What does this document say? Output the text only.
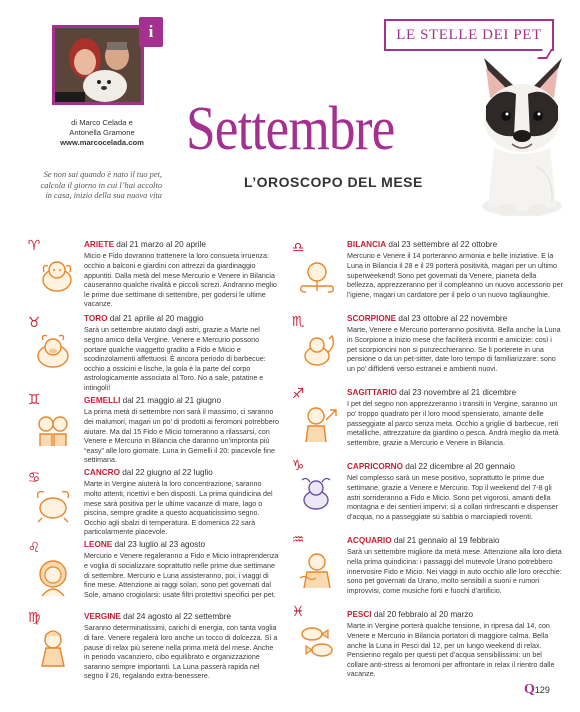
LE STELLE DEI PET
i
di Marco Celada e
Antonella Gramone
www.marcocelada.com
Se non sai quando è nato il tuo pet, calcola il giorno in cui l’hai accolto in casa, inizio della sua nuova vita
Settembre
L’OROSCOPO DEL MESE
♈
♉
♊
♋
♌
♍
♎
♏
♐
♑
♒
♓
ARIETE dal 21 marzo al 20 aprile
Micio e Fido dovranno trattenere la loro consueta irruenza: occhio a balconi e giardini con attrezzi da giardinaggio appuntiti. Dalla metà del mese Mercurio e Venere in Bilancia causeranno qualche rivalità e piccoli screzi. Andranno meglio le prime due settimane di settembre, per godersi le ultime vacanze.
TORO dal 21 aprile al 20 maggio
Sarà un settembre aiutato dagli astri, grazie a Marte nel segno amico della Vergine. Venere e Mercurio possono portare qualche viaggetto gradito a Fido e Micio e scodinzolamenti affettuosi. È ancora periodo di barbecue: occhio a ossicini e lische, la gola è la parte del corpo astrologicamente associata al Toro. No a sale, patatine e intingoli!
GEMELLI dal 21 maggio al 21 giugno
La prima metà di settembre non sarà il massimo, ci saranno dei malumori, magari un po’ di prodotti ai feromoni potrebbero aiutare. Ma dal 15 Fido e Micio torneranno a rilassarsi, con Venere e Mercurio in Bilancia che daranno un’impronta più “easy” alle loro giornate. Luna in Gemelli il 20: piacevole fine settimana.
CANCRO dal 22 giugno al 22 luglio
Marte in Vergine aiuterà la loro concentrazione, saranno molto attenti, ricettivi e ben disposti. La prima quindicina del mese sarà positiva per le ultime vacanze di mare, lago o piscina, sempre gradite a questo acquaticissimo segno. Occhio agli sbalzi di temperatura. E domenica 22 sarà particolarmente piacevole.
LEONE dal 23 luglio al 23 agosto
Mercurio e Venere regaleranno a Fido e Micio intraprendenza e voglia di socializzare soprattutto nelle prime due settimane di settembre. Mercurio e Luna assisteranno, poi, i viaggi di fine mese. Attenzione ai raggi solari, sono pet governati dal Sole, amano crogiolarsi: usate filtri protettivi specifici per pet.
VERGINE dal 24 agosto al 22 settembre
Saranno determinatissimi, carichi di energia, con tanta voglia di fare. Venere regalerà loro anche un tocco di dolcezza. Sì a pause di relax più serene nella prima metà del mese. Anche in periodo vacanziero, cibo equilibrato e organizzazione saranno sempre importanti. La Luna passerà rapida nel segno il 26, regalando extra-benessere.
BILANCIA dal 23 settembre al 22 ottobre
Mercurio e Venere il 14 porteranno armonia e belle iniziative. E la Luna in Bilancia il 28 e il 29 porterà positività, magari per un ultimo superweekend! Sono pet governati da Venere, pianeta della bellezza, apprezzeranno per il compleanno un nuovo accessorio per l’igiene, magari un cardatore per il pelo o un nuovo tagliaunghie.
SCORPIONE dal 23 ottobre al 22 novembre
Marte, Venere e Mercurio porteranno positività. Bella anche la Luna in Scorpione a inizio mese che faciliterà incontri e amicizie: così i pet scorpioncini non si punzecchieranno. Se li porterete in una pensione o da un pet-sitter, date loro tempo di familiarizzare: sono un po’ diffidenti verso estranei e ambienti nuovi.
SAGITTARIO dal 23 novembre al 21 dicembre
I pet del segno non apprezzeranno i transiti in Vergine, saranno un po’ troppo quadrato per il loro mood spensierato, amante delle passeggiate al parco senza meta. Occhio a griglie di barbecue, reti metalliche, attrezzature da giardino o pesca. Andrà meglio da metà settembre, grazie a Mercurio e Venere in Bilancia.
CAPRICORNO dal 22 dicembre al 20 gennaio
Nel complesso sarà un mese positivo, soprattutto le prime due settimane, grazie a Venere e Mercurio. Top il weekend del 7-8 gli astri sorrideranno a Fido e Micio. Sono pet vigorosi, amanti della montagna e dei sentieri impervi: sì a collari rinfrescanti e dispenser d’acqua, no a passeggiate su sabbia o marciapiedi roventi.
ACQUARIO dal 21 gennaio al 19 febbraio
Sarà un settembre migliore da metà mese. Attenzione alla loro dieta nella prima quindicina: i passaggi del mutevole Urano potrebbero innervosire Fido e Micio. Nei viaggi in auto occhio alle loro orecchie: sono pet governati da Urano, molto sensibili a suoni e rumori improvvisi, come musiche forti e fuochi d’artificio.
PESCI dal 20 febbraio al 20 marzo
Marte in Vergine porterà qualche tensione, in ripresa dal 14, con Venere e Mercurio in Bilancia portatori di maggiore calma. Bella anche la Luna in Pesci dal 12, per un lungo weekend di relax. Pensierino regalo per questi pet d’acqua sensibilissimi: un bel collare anti-stress ai feromoni per affrontare in relax il rientro dalle vacanze.
Q129
